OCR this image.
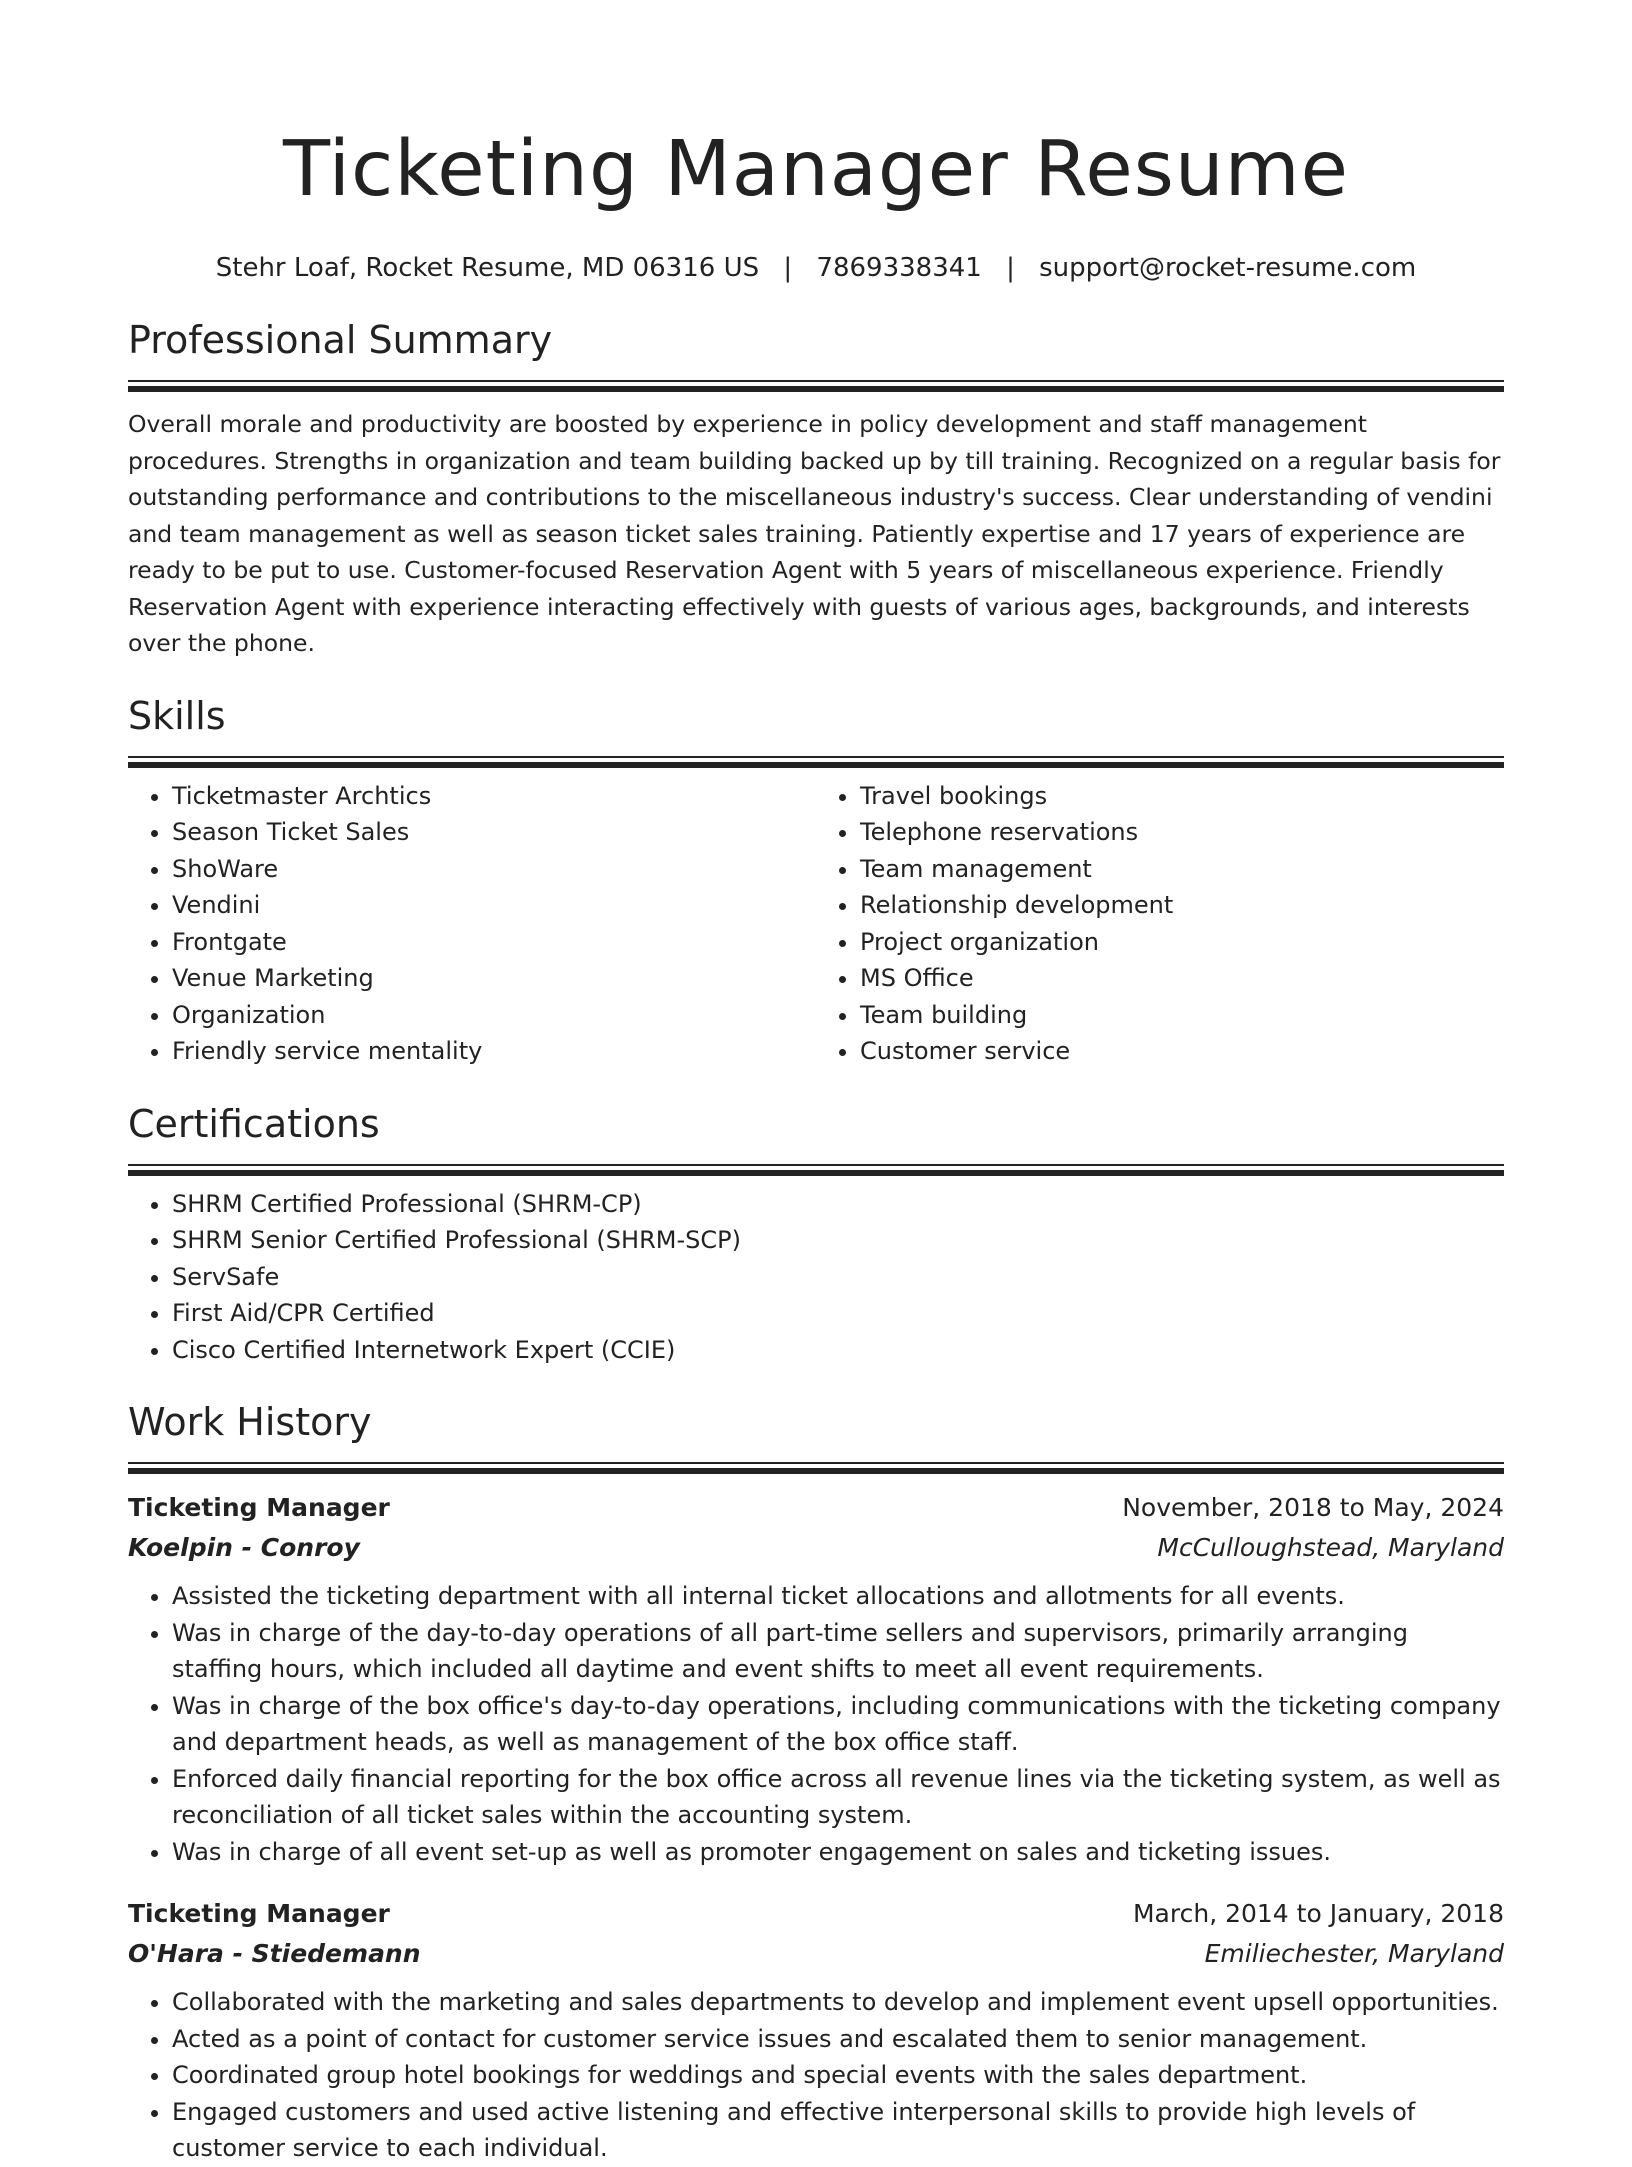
Ticketing Manager Resume
Stehr Loaf, Rocket Resume, MD 06316 US | 7869338341 | support@rocket-resume.com
Professional Summary

Overall morale and productivity are boosted by experience in policy development and staff management procedures. Strengths in organization and team building backed up by till training. Recognized on a regular basis for outstanding performance and contributions to the miscellaneous industry's success. Clear understanding of vendini and team management as well as season ticket sales training. Patiently expertise and 17 years of experience are ready to be put to use. Customer-focused Reservation Agent with 5 years of miscellaneous experience. Friendly Reservation Agent with experience interacting effectively with guests of various ages, backgrounds, and interests over the phone.

Skills
• Ticketmaster Archtics
• Season Ticket Sales
• ShoWare
• Vendini
• Frontgate
• Venue Marketing
• Organization
• Friendly service mentality
• Travel bookings
• Telephone reservations
• Team management
• Relationship development
• Project organization
• MS Office
• Team building
• Customer service
Certifications
• SHRM Certified Professional (SHRM-CP)
• SHRM Senior Certified Professional (SHRM-SCP)
• ServSafe
• First Aid/CPR Certified
• Cisco Certified Internetwork Expert (CCIE)
Work History
Ticketing Manager	November, 2018 to May, 2024
Koelpin - Conroy	McCulloughstead, Maryland
• Assisted the ticketing department with all internal ticket allocations and allotments for all events.
• Was in charge of the day-to-day operations of all part-time sellers and supervisors, primarily arranging staffing hours, which included all daytime and event shifts to meet all event requirements.
• Was in charge of the box office's day-to-day operations, including communications with the ticketing company and department heads, as well as management of the box office staff.
• Enforced daily financial reporting for the box office across all revenue lines via the ticketing system, as well as reconciliation of all ticket sales within the accounting system.
• Was in charge of all event set-up as well as promoter engagement on sales and ticketing issues.
Ticketing Manager	March, 2014 to January, 2018
O'Hara - Stiedemann	Emiliechester, Maryland
• Collaborated with the marketing and sales departments to develop and implement event upsell opportunities.
• Acted as a point of contact for customer service issues and escalated them to senior management.
• Coordinated group hotel bookings for weddings and special events with the sales department.
• Engaged customers and used active listening and effective interpersonal skills to provide high levels of customer service to each individual.
